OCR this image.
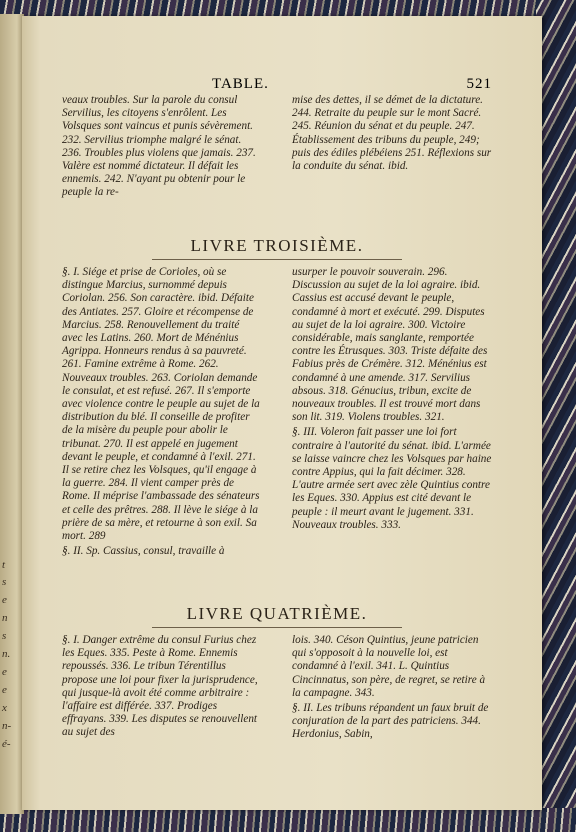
t
s
e
n
s
n.
e
e
x
n-
é-
TABLE.	521

veaux troubles. Sur la parole du consul Servilius, les citoyens s'enrôlent. Les Volsques sont vaincus et punis sévèrement. 232. Servilius triomphe malgré le sénat. 236. Troubles plus violens que jamais. 237. Valère est nommé dictateur. Il défait les ennemis. 242. N'ayant pu obtenir pour le peuple la re-

mise des dettes, il se démet de la dictature. 244. Retraite du peuple sur le mont Sacré. 245. Réunion du sénat et du peuple. 247. Établissement des tribuns du peuple, 249; puis des édiles plébéiens 251. Réflexions sur la conduite du sénat. ibid.

LIVRE TROISIÈME.

§. I. Siége et prise de Corioles, où se distingue Marcius, surnommé depuis Coriolan. 256. Son caractère. ibid. Défaite des Antiates. 257. Gloire et récompense de Marcius. 258. Renouvellement du traité avec les Latins. 260. Mort de Ménénius Agrippa. Honneurs rendus à sa pauvreté. 261. Famine extrême à Rome. 262. Nouveaux troubles. 263. Coriolan demande le consulat, et est refusé. 267. Il s'emporte avec violence contre le peuple au sujet de la distribution du blé. Il conseille de profiter de la misère du peuple pour abolir le tribunat. 270. Il est appelé en jugement devant le peuple, et condamné à l'exil. 271. Il se retire chez les Volsques, qu'il engage à la guerre. 284. Il vient camper près de Rome. Il méprise l'ambassade des sénateurs et celle des prêtres. 288. Il lève le siége à la prière de sa mère, et retourne à son exil. Sa mort. 289

§. II. Sp. Cassius, consul, travaille à

usurper le pouvoir souverain. 296. Discussion au sujet de la loi agraire. ibid. Cassius est accusé devant le peuple, condamné à mort et exécuté. 299. Disputes au sujet de la loi agraire. 300. Victoire considérable, mais sanglante, remportée contre les Étrusques. 303. Triste défaite des Fabius près de Crémère. 312. Ménénius est condamné à une amende. 317. Servilius absous. 318. Génucius, tribun, excite de nouveaux troubles. Il est trouvé mort dans son lit. 319. Violens troubles. 321.

§. III. Voleron fait passer une loi fort contraire à l'autorité du sénat. ibid. L'armée se laisse vaincre chez les Volsques par haine contre Appius, qui la fait décimer. 328. L'autre armée sert avec zèle Quintius contre les Eques. 330. Appius est cité devant le peuple : il meurt avant le jugement. 331. Nouveaux troubles. 333.

LIVRE QUATRIÈME.

§. I. Danger extrême du consul Furius chez les Eques. 335. Peste à Rome. Ennemis repoussés. 336. Le tribun Térentillus propose une loi pour fixer la jurisprudence, qui jusque-là avoit été comme arbitraire : l'affaire est différée. 337. Prodiges effrayans. 339. Les disputes se renouvellent au sujet des

lois. 340. Céson Quintius, jeune patricien qui s'opposoit à la nouvelle loi, est condamné à l'exil. 341. L. Quintius Cincinnatus, son père, de regret, se retire à la campagne. 343.

§. II. Les tribuns répandent un faux bruit de conjuration de la part des patriciens. 344. Herdonius, Sabin,
